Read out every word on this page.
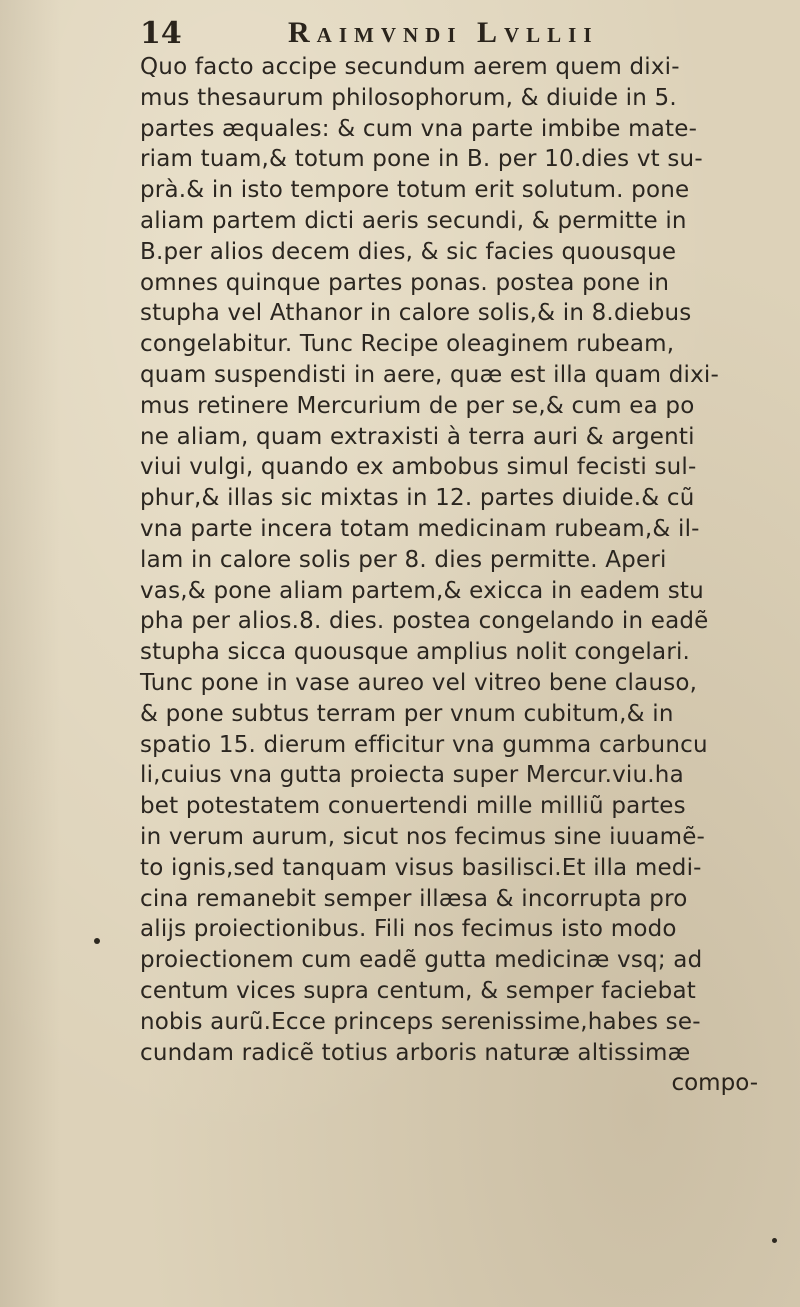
14	Raimvndi Lvllii
Quo facto accipe secundum aerem quem dixi-
mus thesaurum philosophorum, & diuide in 5.
partes æquales: & cum vna parte imbibe mate-
riam tuam,& totum pone in B. per 10.dies vt su-
prà.& in isto tempore totum erit solutum. pone
aliam partem dicti aeris secundi, & permitte in
B.per alios decem dies, & sic facies quousque
omnes quinque partes ponas. postea pone in
stupha vel Athanor in calore solis,& in 8.diebus
congelabitur. Tunc Recipe oleaginem rubeam,
quam suspendisti in aere, quæ est illa quam dixi-
mus retinere Mercurium de per se,& cum ea po
ne aliam, quam extraxisti à terra auri & argenti
viui vulgi, quando ex ambobus simul fecisti sul-
phur,& illas sic mixtas in 12. partes diuide.& cũ
vna parte incera totam medicinam rubeam,& il-
lam in calore solis per 8. dies permitte. Aperi
vas,& pone aliam partem,& exicca in eadem stu
pha per alios.8. dies. postea congelando in eadẽ
stupha sicca quousque amplius nolit congelari.
Tunc pone in vase aureo vel vitreo bene clauso,
& pone subtus terram per vnum cubitum,& in
spatio 15. dierum efficitur vna gumma carbuncu
li,cuius vna gutta proiecta super Mercur.viu.ha
bet potestatem conuertendi mille milliũ partes
in verum aurum, sicut nos fecimus sine iuuamẽ-
to ignis,sed tanquam visus basilisci.Et illa medi-
cina remanebit semper illæsa & incorrupta pro
alijs proiectionibus. Fili nos fecimus isto modo
proiectionem cum eadẽ gutta medicinæ vsq; ad
centum vices supra centum, & semper faciebat
nobis aurũ.Ecce princeps serenissime,habes se-
cundam radicẽ totius arboris naturæ altissimæ
compo-
